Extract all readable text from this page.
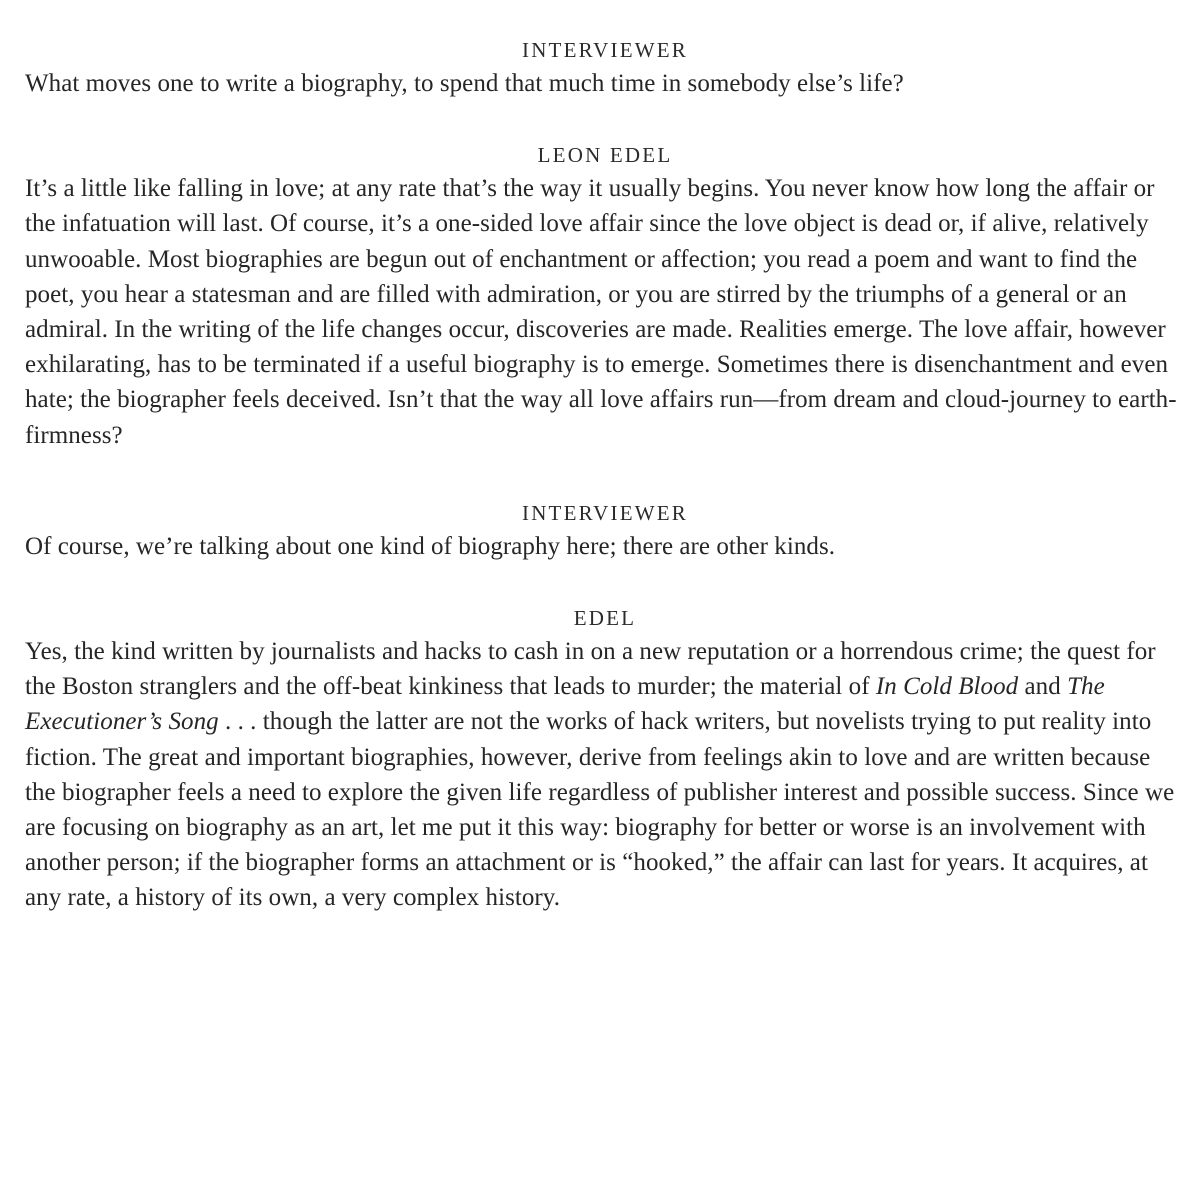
INTERVIEWER

What moves one to write a biography, to spend that much time in somebody else’s life?

LEON EDEL

It’s a little like falling in love; at any rate that’s the way it usually begins. You never know how long the affair or the infatuation will last. Of course, it’s a one-sided love affair since the love object is dead or, if alive, relatively unwooable. Most biographies are begun out of enchantment or affection; you read a poem and want to find the poet, you hear a statesman and are filled with admiration, or you are stirred by the triumphs of a general or an admiral. In the writing of the life changes occur, discoveries are made. Realities emerge. The love affair, however exhilarating, has to be terminated if a useful biography is to emerge. Sometimes there is disenchantment and even hate; the biographer feels deceived. Isn’t that the way all love affairs run—from dream and cloud-journey to earth-firmness?

INTERVIEWER

Of course, we’re talking about one kind of biography here; there are other kinds.

EDEL

Yes, the kind written by journalists and hacks to cash in on a new reputation or a horrendous crime; the quest for the Boston stranglers and the off-beat kinkiness that leads to murder; the material of In Cold Blood and The Executioner’s Song . . . though the latter are not the works of hack writers, but novelists trying to put reality into fiction. The great and important biographies, however, derive from feelings akin to love and are written because the biographer feels a need to explore the given life regardless of publisher interest and possible success. Since we are focusing on biography as an art, let me put it this way: biography for better or worse is an involvement with another person; if the biographer forms an attachment or is “hooked,” the affair can last for years. It acquires, at any rate, a history of its own, a very complex history.
